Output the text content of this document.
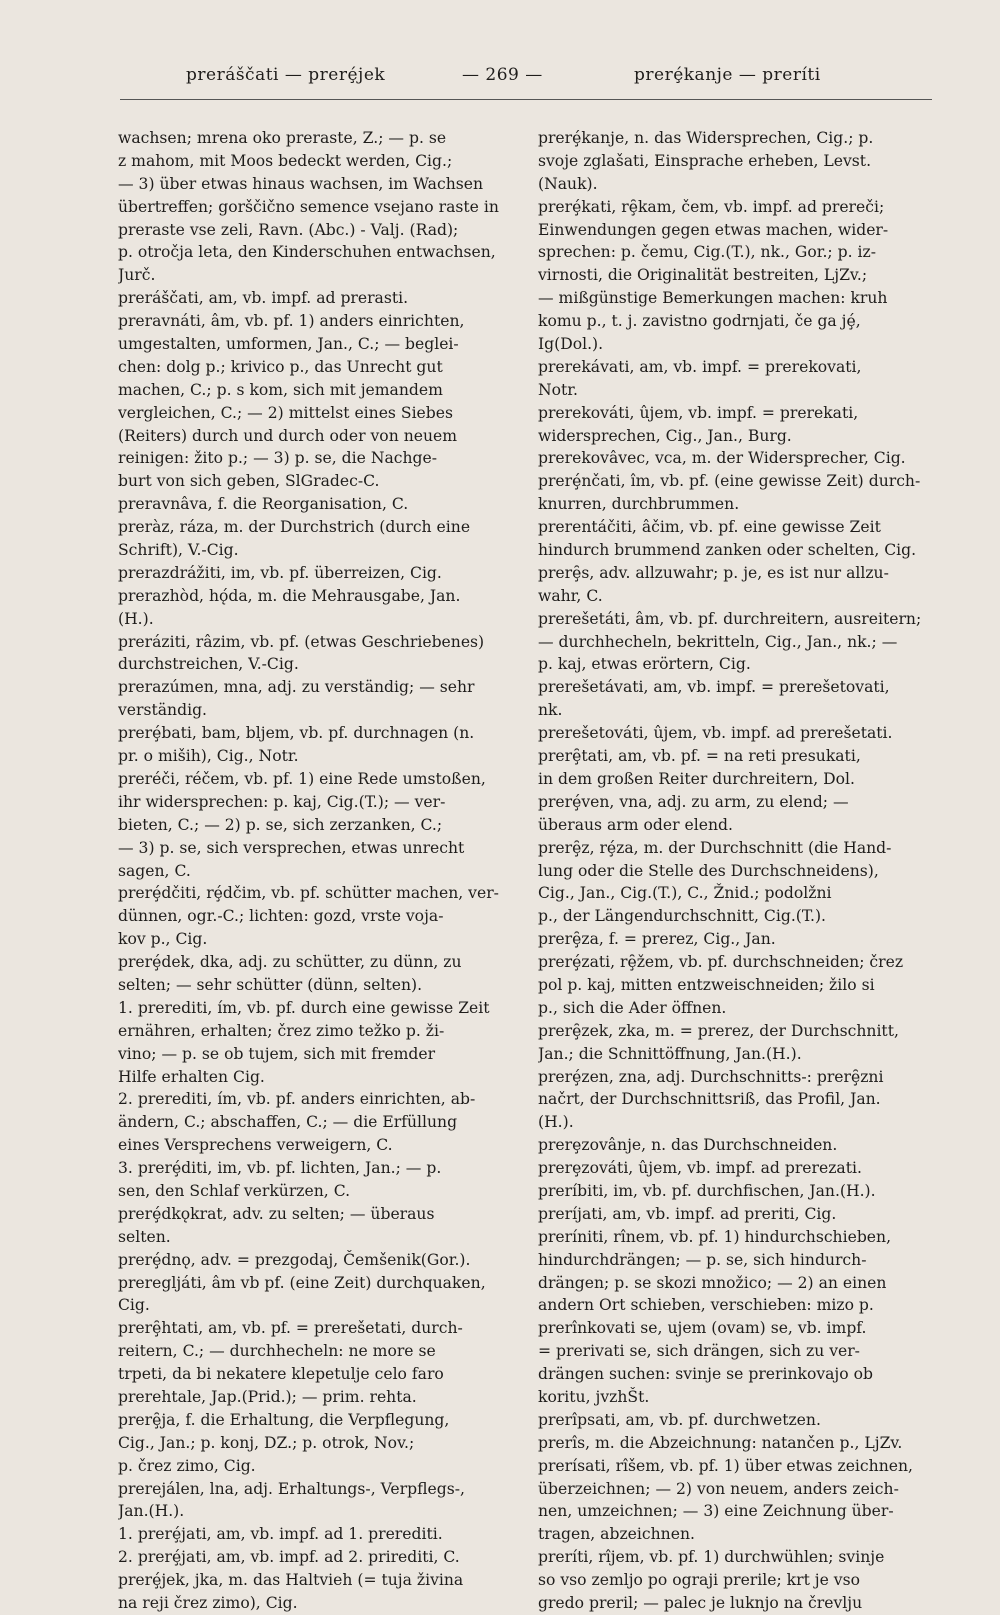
preráščati — prerȩ́jek	— 269 —	prerȩ́kanje — preríti
wachsen; mrena oko preraste, Z.; — p. se
z mahom, mit Moos bedeckt werden, Cig.;
— 3) über etwas hinaus wachsen, im Wachsen
übertreffen; gorščično semence vsejano raste in
preraste vse zeli, Ravn. (Abc.) - Valj. (Rad);
p. otročja leta, den Kinderschuhen entwachsen,
Jurč.
preráščati, am, vb. impf. ad prerasti.
preravnáti, âm, vb. pf. 1) anders einrichten,
umgestalten, umformen, Jan., C.; — beglei-
chen: dolg p.; krivico p., das Unrecht gut
machen, C.; p. s kom, sich mit jemandem
vergleichen, C.; — 2) mittelst eines Siebes
(Reiters) durch und durch oder von neuem
reinigen: žito p.; — 3) p. se, die Nachge-
burt von sich geben, SlGradec-C.
preravnâva, f. die Reorganisation, C.
preràz, ráza, m. der Durchstrich (durch eine
Schrift), V.-Cig.
prerazdrážiti, im, vb. pf. überreizen, Cig.
prerazhòd, hǫ́da, m. die Mehrausgabe, Jan.
(H.).
preráziti, râzim, vb. pf. (etwas Geschriebenes)
durchstreichen, V.-Cig.
prerazúmen, mna, adj. zu verständig; — sehr
verständig.
prerȩ́bati, bam, bljem, vb. pf. durchnagen (n.
pr. o miših), Cig., Notr.
preréči, réčem, vb. pf. 1) eine Rede umstoßen,
ihr widersprechen: p. kaj, Cig.(T.); — ver-
bieten, C.; — 2) p. se, sich zerzanken, C.;
— 3) p. se, sich versprechen, etwas unrecht
sagen, C.
prerȩ́dčiti, rȩ́dčim, vb. pf. schütter machen, ver-
dünnen, ogr.-C.; lichten: gozd, vrste voja-
kov p., Cig.
prerȩ́dek, dka, adj. zu schütter, zu dünn, zu
selten; — sehr schütter (dünn, selten).
1. prerediti, ím, vb. pf. durch eine gewisse Zeit
ernähren, erhalten; črez zimo težko p. ži-
vino; — p. se ob tujem, sich mit fremder
Hilfe erhalten Cig.
2. prerediti, ím, vb. pf. anders einrichten, ab-
ändern, C.; abschaffen, C.; — die Erfüllung
eines Versprechens verweigern, C.
3. prerȩ́diti, im, vb. pf. lichten, Jan.; — p.
sen, den Schlaf verkürzen, C.
prerȩ́dkǫkrat, adv. zu selten; — überaus
selten.
prerȩ́dnǫ, adv. = prezgodaj, Čemšenik(Gor.).
preregljáti, âm vb pf. (eine Zeit) durchquaken,
Cig.
prerȩ̑htati, am, vb. pf. = prerešetati, durch-
reitern, C.; — durchhecheln: ne more se
trpeti, da bi nekatere klepetulje celo faro
prerehtale, Jap.(Prid.); — prim. rehta.
prerȩ̑ja, f. die Erhaltung, die Verpflegung,
Cig., Jan.; p. konj, DZ.; p. otrok, Nov.;
p. črez zimo, Cig.
prerejálen, lna, adj. Erhaltungs-, Verpflegs-,
Jan.(H.).
1. prerȩ́jati, am, vb. impf. ad 1. prerediti.
2. prerȩ́jati, am, vb. impf. ad 2. prirediti, C.
prerȩ́jek, jka, m. das Haltvieh (= tuja živina
na reji črez zimo), Cig.
prerȩ́kanje, n. das Widersprechen, Cig.; p.
svoje zglašati, Einsprache erheben, Levst.
(Nauk).
prerȩ́kati, rȩ̑kam, čem, vb. impf. ad prereči;
Einwendungen gegen etwas machen, wider-
sprechen: p. čemu, Cig.(T.), nk., Gor.; p. iz-
virnosti, die Originalität bestreiten, LjZv.;
— mißgünstige Bemerkungen machen: kruh
komu p., t. j. zavistno godrnjati, če ga jȩ́,
Ig(Dol.).
prerekávati, am, vb. impf. = prerekovati,
Notr.
prerekováti, ûjem, vb. impf. = prerekati,
widersprechen, Cig., Jan., Burg.
prerekovâvec, vca, m. der Widersprecher, Cig.
prerȩ́nčati, îm, vb. pf. (eine gewisse Zeit) durch-
knurren, durchbrummen.
prerentáčiti, âčim, vb. pf. eine gewisse Zeit
hindurch brummend zanken oder schelten, Cig.
prerȩ̑s, adv. allzuwahr; p. je, es ist nur allzu-
wahr, C.
prerešetáti, âm, vb. pf. durchreitern, ausreitern;
— durchhecheln, bekritteln, Cig., Jan., nk.; —
p. kaj, etwas erörtern, Cig.
prerešetávati, am, vb. impf. = prerešetovati,
nk.
prerešetováti, ûjem, vb. impf. ad prerešetati.
prerȩ̑tati, am, vb. pf. = na reti presukati,
in dem großen Reiter durchreitern, Dol.
prerȩ́ven, vna, adj. zu arm, zu elend; —
überaus arm oder elend.
prerȩ̑z, rȩ́za, m. der Durchschnitt (die Hand-
lung oder die Stelle des Durchschneidens),
Cig., Jan., Cig.(T.), C., Žnid.; podolžni
p., der Längendurchschnitt, Cig.(T.).
prerȩ̑za, f. = prerez, Cig., Jan.
prerȩ́zati, rȩ̑žem, vb. pf. durchschneiden; črez
pol p. kaj, mitten entzweischneiden; žilo si
p., sich die Ader öffnen.
prerȩ̑zek, zka, m. = prerez, der Durchschnitt,
Jan.; die Schnittöffnung, Jan.(H.).
prerȩ́zen, zna, adj. Durchschnitts-: prerȩ̑zni
načrt, der Durchschnittsriß, das Profil, Jan.
(H.).
prerȩzovânje, n. das Durchschneiden.
prerȩzováti, ûjem, vb. impf. ad prerezati.
preríbiti, im, vb. pf. durchfischen, Jan.(H.).
preríjati, am, vb. impf. ad preriti, Cig.
preríniti, rînem, vb. pf. 1) hindurchschieben,
hindurchdrängen; — p. se, sich hindurch-
drängen; p. se skozi množico; — 2) an einen
andern Ort schieben, verschieben: mizo p.
prerînkovati se, ujem (ovam) se, vb. impf.
= prerivati se, sich drängen, sich zu ver-
drängen suchen: svinje se prerinkovajo ob
koritu, jvzhŠt.
prerîpsati, am, vb. pf. durchwetzen.
prerîs, m. die Abzeichnung: natančen p., LjZv.
prerísati, rîšem, vb. pf. 1) über etwas zeichnen,
überzeichnen; — 2) von neuem, anders zeich-
nen, umzeichnen; — 3) eine Zeichnung über-
tragen, abzeichnen.
preríti, rîjem, vb. pf. 1) durchwühlen; svinje
so vso zemljo po ograji prerile; krt je vso
gredo preril; — palec je luknjo na črevlju
